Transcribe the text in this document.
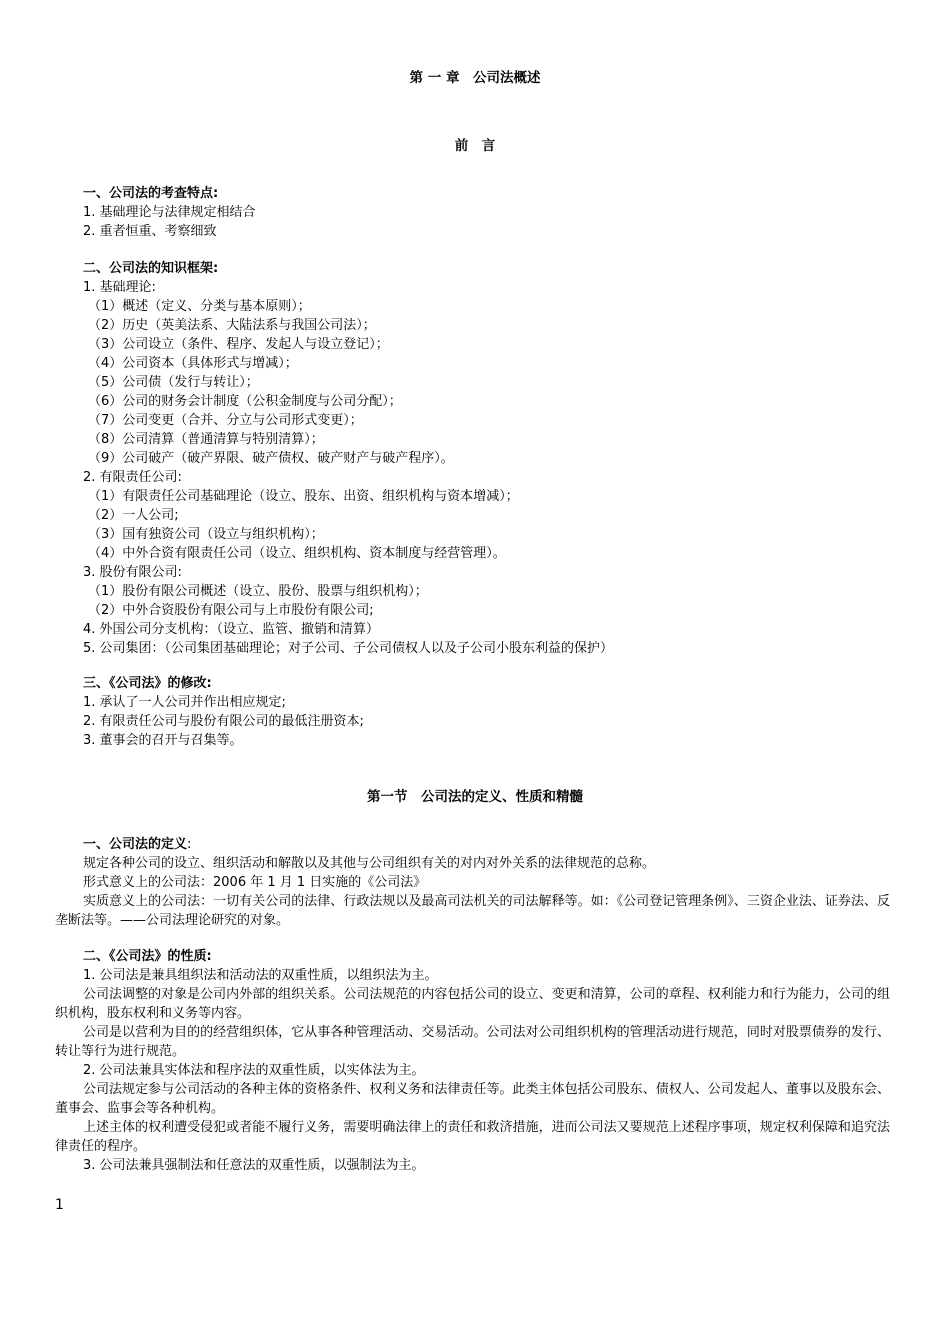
第 一 章　公司法概述
前　言
一、公司法的考查特点:
1. 基础理论与法律规定相结合
2. 重者恒重、考察细致
二、公司法的知识框架:
1. 基础理论:
（1）概述（定义、分类与基本原则）；
（2）历史（英美法系、大陆法系与我国公司法）；
（3）公司设立（条件、程序、发起人与设立登记）；
（4）公司资本（具体形式与增减）；
（5）公司债（发行与转让）；
（6）公司的财务会计制度（公积金制度与公司分配）；
（7）公司变更（合并、分立与公司形式变更）；
（8）公司清算（普通清算与特别清算）；
（9）公司破产（破产界限、破产债权、破产财产与破产程序）。
2. 有限责任公司:
（1）有限责任公司基础理论（设立、股东、出资、组织机构与资本增减）；
（2）一人公司;
（3）国有独资公司（设立与组织机构）；
（4）中外合资有限责任公司（设立、组织机构、资本制度与经营管理）。
3. 股份有限公司:
（1）股份有限公司概述（设立、股份、股票与组织机构）；
（2）中外合资股份有限公司与上市股份有限公司;
4. 外国公司分支机构：（设立、监管、撤销和清算）
5. 公司集团：（公司集团基础理论；对子公司、子公司债权人以及子公司小股东利益的保护）
三、《公司法》的修改:
1. 承认了一人公司并作出相应规定;
2. 有限责任公司与股份有限公司的最低注册资本;
3. 董事会的召开与召集等。
第一节　公司法的定义、性质和精髓
一、公司法的定义:
规定各种公司的设立、组织活动和解散以及其他与公司组织有关的对内对外关系的法律规范的总称。
形式意义上的公司法：2006 年 1 月 1 日实施的《公司法》
实质意义上的公司法：一切有关公司的法律、行政法规以及最高司法机关的司法解释等。如：《公司登记管理条例》、三资企业法、证券法、反垄断法等。——公司法理论研究的对象。
二、《公司法》的性质:
1. 公司法是兼具组织法和活动法的双重性质，以组织法为主。
公司法调整的对象是公司内外部的组织关系。公司法规范的内容包括公司的设立、变更和清算，公司的章程、权利能力和行为能力，公司的组织机构，股东权利和义务等内容。
公司是以营利为目的的经营组织体，它从事各种管理活动、交易活动。公司法对公司组织机构的管理活动进行规范，同时对股票债券的发行、转让等行为进行规范。
2. 公司法兼具实体法和程序法的双重性质，以实体法为主。
公司法规定参与公司活动的各种主体的资格条件、权利义务和法律责任等。此类主体包括公司股东、债权人、公司发起人、董事以及股东会、董事会、监事会等各种机构。
上述主体的权利遭受侵犯或者能不履行义务，需要明确法律上的责任和救济措施，进而公司法又要规范上述程序事项，规定权利保障和追究法律责任的程序。
3. 公司法兼具强制法和任意法的双重性质，以强制法为主。
1
